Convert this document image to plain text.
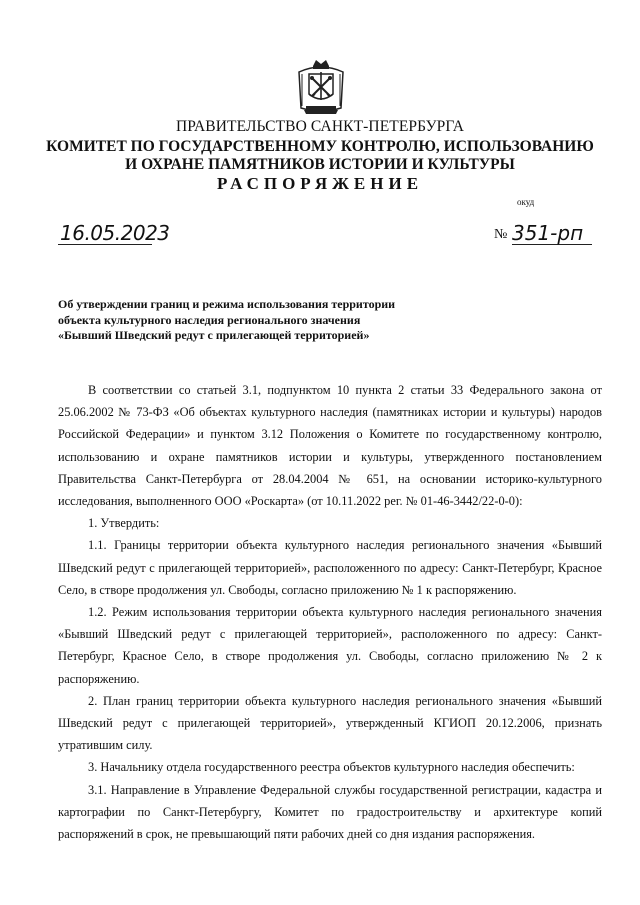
ПРАВИТЕЛЬСТВО САНКТ-ПЕТЕРБУРГА
КОМИТЕТ ПО ГОСУДАРСТВЕННОМУ КОНТРОЛЮ, ИСПОЛЬЗОВАНИЮ
И ОХРАНЕ ПАМЯТНИКОВ ИСТОРИИ И КУЛЬТУРЫ
РАСПОРЯЖЕНИЕ
окуд
16.05.2023	№ 351-рп
Об утверждении границ и режима использования территории
объекта культурного наследия регионального значения
«Бывший Шведский редут с прилегающей территорией»

В соответствии со статьей 3.1, подпунктом 10 пункта 2 статьи 33 Федерального закона от 25.06.2002 № 73-ФЗ «Об объектах культурного наследия (памятниках истории и культуры) народов Российской Федерации» и пунктом 3.12 Положения о Комитете по государственному контролю, использованию и охране памятников истории и культуры, утвержденного постановлением Правительства Санкт-Петербурга от 28.04.2004 № 651, на основании историко-культурного исследования, выполненного ООО «Роскарта» (от 10.11.2022 рег. № 01-46-3442/22-0-0):

1. Утвердить:

1.1. Границы территории объекта культурного наследия регионального значения «Бывший Шведский редут с прилегающей территорией», расположенного по адресу: Санкт-Петербург, Красное Село, в створе продолжения ул. Свободы, согласно приложению № 1 к распоряжению.

1.2. Режим использования территории объекта культурного наследия регионального значения «Бывший Шведский редут с прилегающей территорией», расположенного по адресу: Санкт-Петербург, Красное Село, в створе продолжения ул. Свободы, согласно приложению № 2 к распоряжению.

2. План границ территории объекта культурного наследия регионального значения «Бывший Шведский редут с прилегающей территорией», утвержденный КГИОП 20.12.2006, признать утратившим силу.

3. Начальнику отдела государственного реестра объектов культурного наследия обеспечить:

3.1. Направление в Управление Федеральной службы государственной регистрации, кадастра и картографии по Санкт-Петербургу, Комитет по градостроительству и архитектуре копий распоряжений в срок, не превышающий пяти рабочих дней со дня издания распоряжения.
